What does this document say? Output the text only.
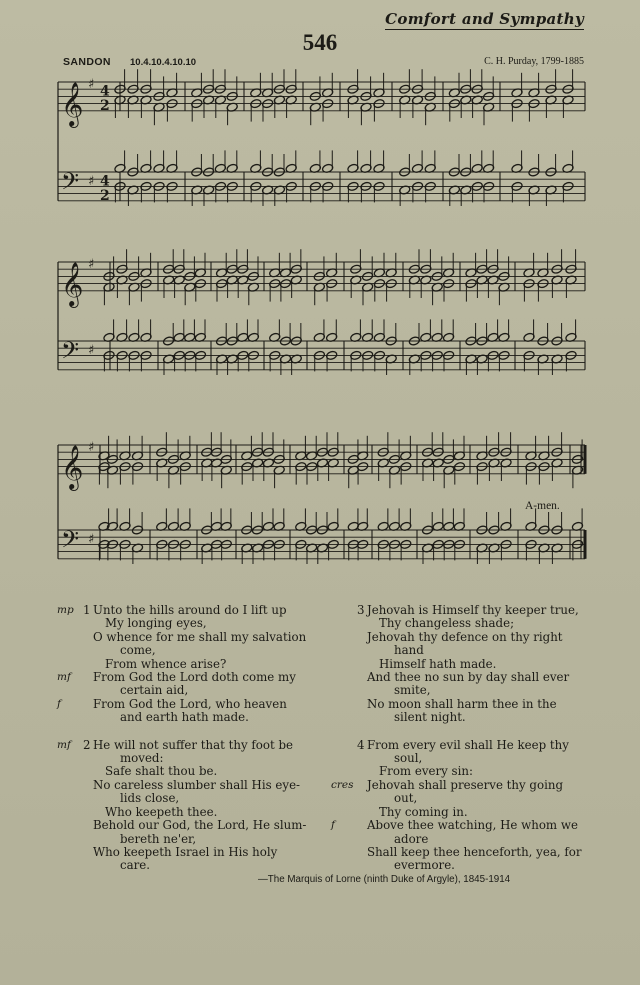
Comfort and Sympathy
546
SANDON 10.4.10.4.10.10	C. H. Purday, 1799-1885
𝄞
𝄢
♯
♯
4
2
4
2
𝄞
𝄢
♯
♯
𝄞
𝄢
♯
♯
A-men.
mp 1 Unto the hills around do I lift up
My longing eyes,
O whence for me shall my salvation
come,
From whence arise?
mf	From God the Lord doth come my
certain aid,
f	From God the Lord, who heaven
and earth hath made.
mf	2 He will not suffer that thy foot be
moved:
Safe shalt thou be.
No careless slumber shall His eye-
lids close,
Who keepeth thee.
Behold our God, the Lord, He slum-
bereth ne'er,
Who keepeth Israel in His holy
care.
3 Jehovah is Himself thy keeper true,
Thy changeless shade;
Jehovah thy defence on thy right
hand
Himself hath made.
And thee no sun by day shall ever
smite,
No moon shall harm thee in the
silent night.
4 From every evil shall He keep thy
soul,
From every sin:
cres Jehovah shall preserve thy going
out,
Thy coming in.
f	Above thee watching, He whom we
adore
Shall keep thee henceforth, yea, for
evermore.
—The Marquis of Lorne (ninth Duke of Argyle), 1845-1914
